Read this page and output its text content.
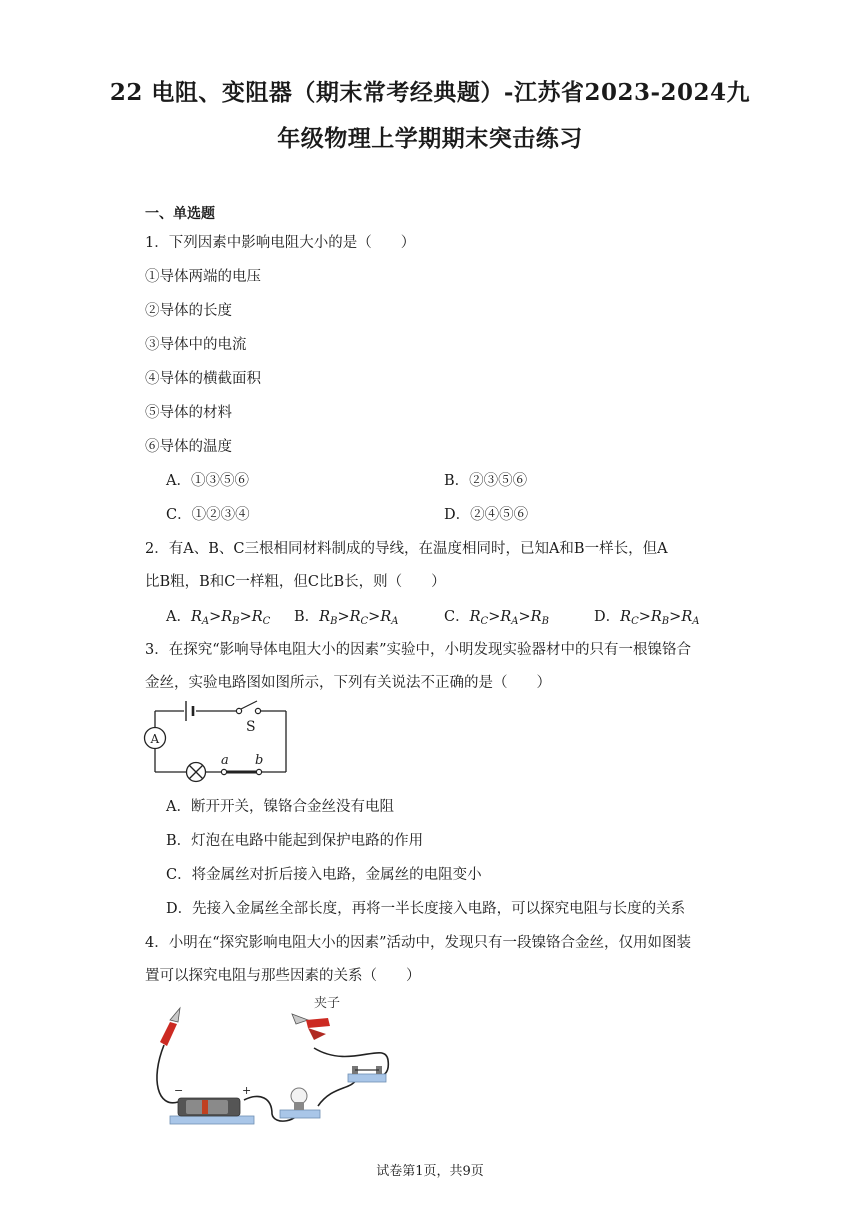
22 电阻、变阻器（期末常考经典题）-江苏省2023-2024九
年级物理上学期期末突击练习
一、单选题
1．下列因素中影响电阻大小的是（　　）
①导体两端的电压
②导体的长度
③导体中的电流
④导体的横截面积
⑤导体的材料
⑥导体的温度
A．①③⑤⑥	B．②③⑤⑥
C．①②③④	D．②④⑤⑥
2．有A、B、C三根相同材料制成的导线，在温度相同时，已知A和B一样长，但A
比B粗，B和C一样粗，但C比B长，则（　　）
A．$R_A>R_B>R_C$ B．$R_B>R_C>R_A$	C．$R_C>R_A>R_B$	D．$R_C>R_B>R_A$
3．在探究“影响导体电阻大小的因素”实验中，小明发现实验器材中的只有一根镍铬合
金丝，实验电路图如图所示，下列有关说法不正确的是（　　）
S
A
a b
A．断开开关，镍铬合金丝没有电阻
B．灯泡在电路中能起到保护电路的作用
C．将金属丝对折后接入电路，金属丝的电阻变小
D．先接入金属丝全部长度，再将一半长度接入电路，可以探究电阻与长度的关系
4．小明在“探究影响电阻大小的因素”活动中，发现只有一段镍铬合金丝，仅用如图装
置可以探究电阻与那些因素的关系（　　）
夹子
−	+
试卷第1页，共9页
